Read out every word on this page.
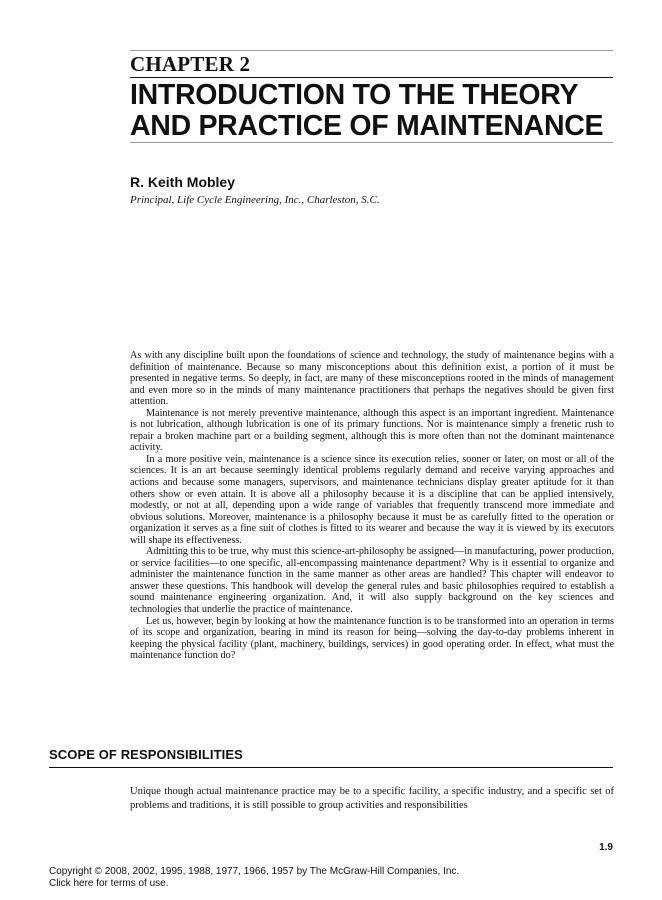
CHAPTER 2
INTRODUCTION TO THE THEORY
AND PRACTICE OF MAINTENANCE
R. Keith Mobley
Principal, Life Cycle Engineering, Inc., Charleston, S.C.

As with any discipline built upon the foundations of science and technology, the study of maintenance begins with a definition of maintenance. Because so many misconceptions about this definition exist, a portion of it must be presented in negative terms. So deeply, in fact, are many of these misconceptions rooted in the minds of management and even more so in the minds of many maintenance practitioners that perhaps the negatives should be given first attention.

Maintenance is not merely preventive maintenance, although this aspect is an important ingredient. Maintenance is not lubrication, although lubrication is one of its primary functions. Nor is maintenance simply a frenetic rush to repair a broken machine part or a building segment, although this is more often than not the dominant maintenance activity.

In a more positive vein, maintenance is a science since its execution relies, sooner or later, on most or all of the sciences. It is an art because seemingly identical problems regularly demand and receive varying approaches and actions and because some managers, supervisors, and maintenance technicians display greater aptitude for it than others show or even attain. It is above all a philosophy because it is a discipline that can be applied intensively, modestly, or not at all, depending upon a wide range of variables that frequently transcend more immediate and obvious solutions. Moreover, maintenance is a philosophy because it must be as carefully fitted to the operation or organization it serves as a fine suit of clothes is fitted to its wearer and because the way it is viewed by its executors will shape its effectiveness.

Admitting this to be true, why must this science-art-philosophy be assigned—in manufacturing, power production, or service facilities—to one specific, all-encompassing maintenance department? Why is it essential to organize and administer the maintenance function in the same manner as other areas are handled? This chapter will endeavor to answer these questions. This handbook will develop the general rules and basic philosophies required to establish a sound maintenance engineering organization. And, it will also supply background on the key sciences and technologies that underlie the practice of maintenance.

Let us, however, begin by looking at how the maintenance function is to be transformed into an operation in terms of its scope and organization, bearing in mind its reason for being—solving the day-to-day problems inherent in keeping the physical facility (plant, machinery, buildings, services) in good operating order. In effect, what must the maintenance function do?

SCOPE OF RESPONSIBILITIES

Unique though actual maintenance practice may be to a specific facility, a specific industry, and a specific set of problems and traditions, it is still possible to group activities and responsibilities

1.9
Copyright © 2008, 2002, 1995, 1988, 1977, 1966, 1957 by The McGraw-Hill Companies, Inc.
Click here for terms of use.
